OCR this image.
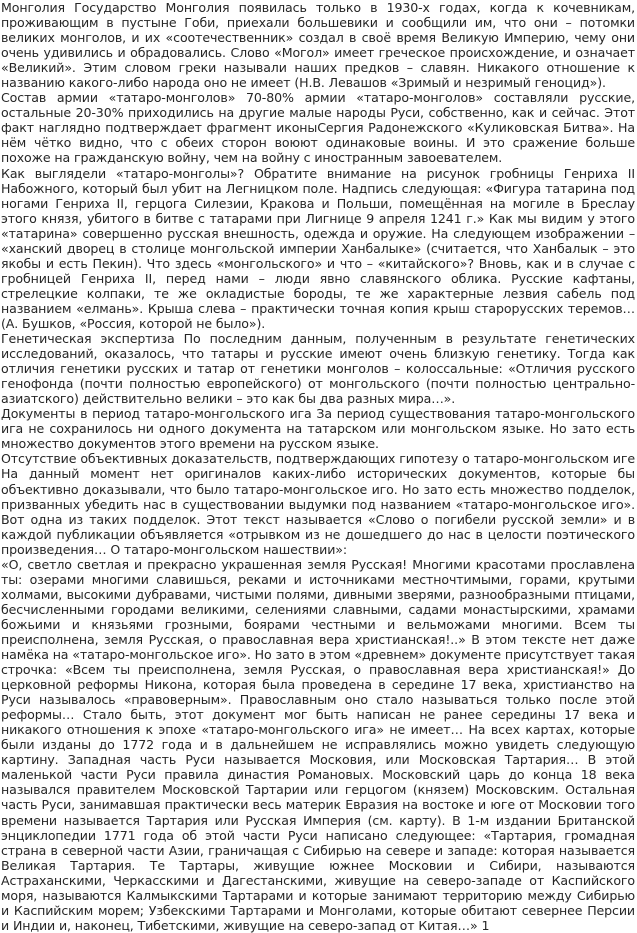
Монголия Государство Монголия появилась только в 1930-х годах, когда к кочевникам, проживающим в пустыне Гоби, приехали большевики и сообщили им, что они – потомки великих монголов, и их «соотечественник» создал в своё время Великую Империю, чему они очень удивились и обрадовались. Слово «Могол» имеет греческое происхождение, и означает «Великий». Этим словом греки называли наших предков – славян. Никакого отношение к названию какого-либо народа оно не имеет (Н.В. Левашов «Зримый и незримый геноцид»).

Состав армии «татаро-монголов» 70-80% армии «татаро-монголов» составляли русские, остальные 20-30% приходились на другие малые народы Руси, собственно, как и сейчас. Этот факт наглядно подтверждает фрагмент иконыСергия Радонежского «Куликовская Битва». На нём чётко видно, что с обеих сторон воюют одинаковые воины. И это сражение больше похоже на гражданскую войну, чем на войну с иностранным завоевателем.

Как выглядели «татаро-монголы»? Обратите внимание на рисунок гробницы Генриха II Набожного, который был убит на Легницком поле. Надпись следующая: «Фигура татарина под ногами Генриха II, герцога Силезии, Кракова и Польши, помещённая на могиле в Бреслау этого князя, убитого в битве с татарами при Лигнице 9 апреля 1241 г.» Как мы видим у этого «татарина» совершенно русская внешность, одежда и оружие. На следующем изображении – «ханский дворец в столице монгольской империи Ханбалыке» (считается, что Ханбалык – это якобы и есть Пекин). Что здесь «монгольского» и что – «китайского»? Вновь, как и в случае с гробницей Генриха II, перед нами – люди явно славянского облика. Русские кафтаны, стрелецкие колпаки, те же окладистые бороды, те же характерные лезвия сабель под названием «елмань». Крыша слева – практически точная копия крыш старорусских теремов…(А. Бушков, «Россия, которой не было»).

Генетическая экспертиза По последним данным, полученным в результате генетических исследований, оказалось, что татары и русские имеют очень близкую генетику. Тогда как отличия генетики русских и татар от генетики монголов – колоссальные: «Отличия русского генофонда (почти полностью европейского) от монгольского (почти полностью центрально-азиатского) действительно велики – это как бы два разных мира…».

Документы в период татаро-монгольского ига За период существования татаро-монгольского ига не сохранилось ни одного документа на татарском или монгольском языке. Но зато есть множество документов этого времени на русском языке.

Отсутствие объективных доказательств, подтверждающих гипотезу о татаро-монгольском иге На данный момент нет оригиналов каких-либо исторических документов, которые бы объективно доказывали, что было татаро-монгольское иго. Но зато есть множество подделок, призванных убедить нас в существовании выдумки под названием «татаро-монгольское иго». Вот одна из таких подделок. Этот текст называется «Слово о погибели русской земли» и в каждой публикации объявляется «отрывком из не дошедшего до нас в целости поэтического произведения… О татаро-монгольском нашествии»:

«О, светло светлая и прекрасно украшенная земля Русская! Многими красотами прославлена ты: озерами многими славишься, реками и источниками местночтимыми, горами, крутыми холмами, высокими дубравами, чистыми полями, дивными зверями, разнообразными птицами, бесчисленными городами великими, селениями славными, садами монастырскими, храмами божьими и князьями грозными, боярами честными и вельможами многими. Всем ты преисполнена, земля Русская, о православная вера христианская!..» В этом тексте нет даже намёка на «татаро-монгольское иго». Но зато в этом «древнем» документе присутствует такая строчка: «Всем ты преисполнена, земля Русская, о православная вера христианская!» До церковной реформы Никона, которая была проведена в середине 17 века, христианство на Руси называлось «правоверным». Православным оно стало называться только после этой реформы… Стало быть, этот документ мог быть написан не ранее середины 17 века и никакого отношения к эпохе «татаро-монгольского ига» не имеет… На всех картах, которые были изданы до 1772 года и в дальнейшем не исправлялись можно увидеть следующую картину. Западная часть Руси называется Московия, или Московская Тартария… В этой маленькой части Руси правила династия Романовых. Московский царь до конца 18 века назывался правителем Московской Тартарии или герцогом (князем) Московским. Остальная часть Руси, занимавшая практически весь материк Евразия на востоке и юге от Московии того времени называется Тартария или Русская Империя (см. карту). В 1-м издании Британской энциклопедии 1771 года об этой части Руси написано следующее: «Тартария, громадная страна в северной части Азии, граничащая с Сибирью на севере и западе: которая называется Великая Тартария. Те Тартары, живущие южнее Московии и Сибири, называются Астраханскими, Черкасскими и Дагестанскими, живущие на северо-западе от Каспийского моря, называются Калмыкскими Тартарами и которые занимают территорию между Сибирью и Каспийским морем; Узбекскими Тартарами и Монголами, которые обитают севернее Персии и Индии и, наконец, Тибетскими, живущие на северо-запад от Китая…» 1
